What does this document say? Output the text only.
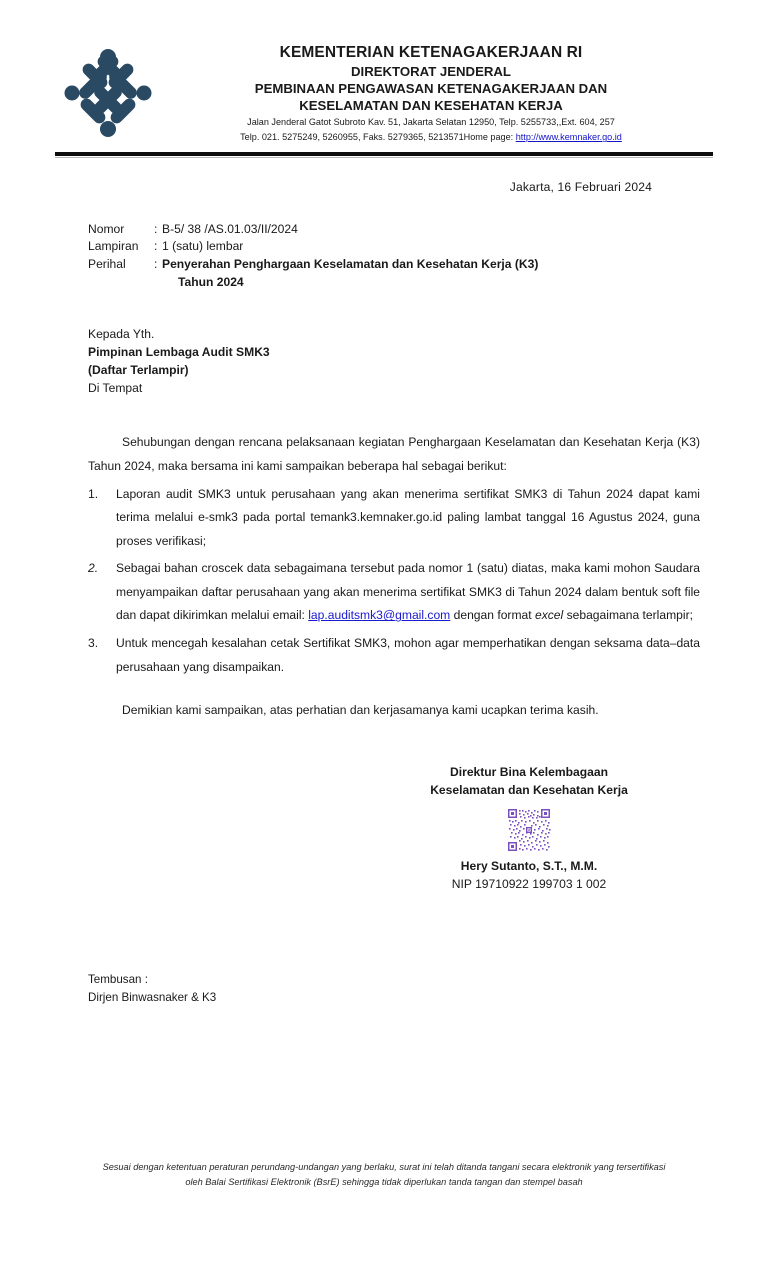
KEMENTERIAN KETENAGAKERJAAN RI
DIREKTORAT JENDERAL
PEMBINAAN PENGAWASAN KETENAGAKERJAAN DAN
KESELAMATAN DAN KESEHATAN KERJA
Jalan Jenderal Gatot Subroto Kav. 51, Jakarta Selatan 12950, Telp. 5255733,,Ext. 604, 257
Telp. 021. 5275249, 5260955, Faks. 5279365, 5213571Home page: http://www.kemnaker.go.id
Jakarta, 16 Februari 2024
Nomor	: B-5/ 38 /AS.01.03/II/2024
Lampiran	: 1 (satu) lembar
Perihal	: Penyerahan Penghargaan Keselamatan dan Kesehatan Kerja (K3)
Tahun 2024
Kepada Yth.
Pimpinan Lembaga Audit SMK3
(Daftar Terlampir)
Di Tempat
Sehubungan dengan rencana pelaksanaan kegiatan Penghargaan Keselamatan dan Kesehatan Kerja (K3) Tahun 2024, maka bersama ini kami sampaikan beberapa hal sebagai berikut:
1.	Laporan audit SMK3 untuk perusahaan yang akan menerima sertifikat SMK3 di Tahun 2024 dapat kami terima melalui e-smk3 pada portal temank3.kemnaker.go.id paling lambat tanggal 16 Agustus 2024, guna proses verifikasi;
2.	Sebagai bahan croscek data sebagaimana tersebut pada nomor 1 (satu) diatas, maka kami mohon Saudara menyampaikan daftar perusahaan yang akan menerima sertifikat SMK3 di Tahun 2024 dalam bentuk soft file dan dapat dikirimkan melalui email: lap.auditsmk3@gmail.com dengan format excel sebagaimana terlampir;
3.	Untuk mencegah kesalahan cetak Sertifikat SMK3, mohon agar memperhatikan dengan seksama data–data perusahaan yang disampaikan.
Demikian kami sampaikan, atas perhatian dan kerjasamanya kami ucapkan terima kasih.
Direktur Bina Kelembagaan
Keselamatan dan Kesehatan Kerja
Hery Sutanto, S.T., M.M.
NIP 19710922 199703 1 002
Tembusan :
Dirjen Binwasnaker & K3
Sesuai dengan ketentuan peraturan perundang-undangan yang berlaku, surat ini telah ditanda tangani secara elektronik yang tersertifikasi oleh Balai Sertifikasi Elektronik (BsrE) sehingga tidak diperlukan tanda tangan dan stempel basah
